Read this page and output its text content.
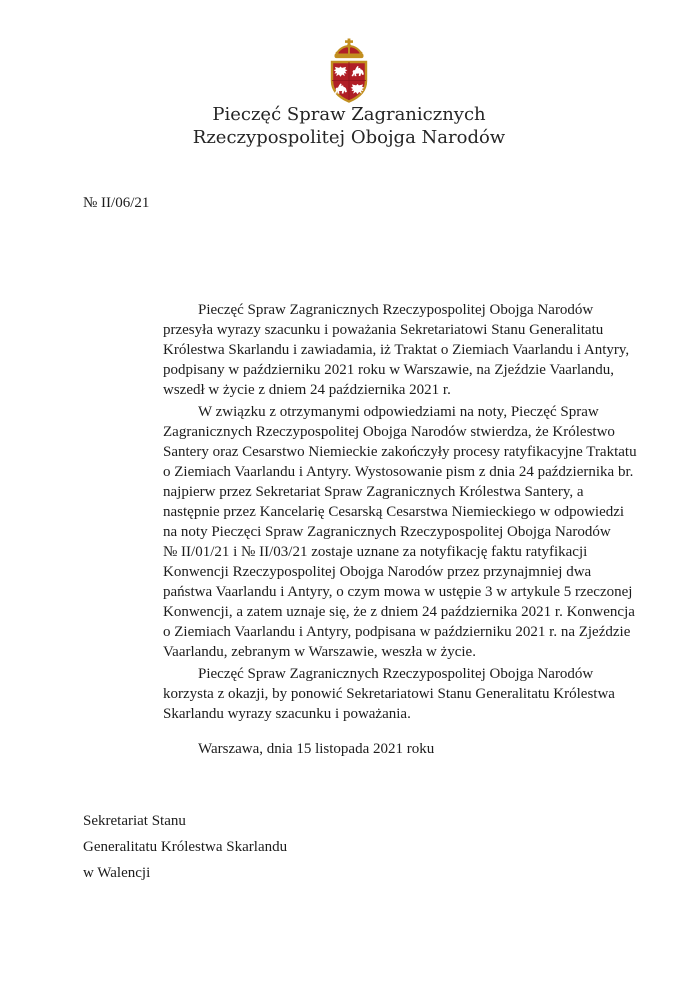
Pieczęć Spraw Zagranicznych
Rzeczypospolitej Obojga Narodów
№ II/06/21
Pieczęć Spraw Zagranicznych Rzeczypospolitej Obojga Narodów
przesyła wyrazy szacunku i poważania Sekretariatowi Stanu Generalitatu
Królestwa Skarlandu i zawiadamia, iż Traktat o Ziemiach Vaarlandu i Antyry,
podpisany w październiku 2021 roku w Warszawie, na Zjeździe Vaarlandu,
wszedł w życie z dniem 24 października 2021 r.
W związku z otrzymanymi odpowiedziami na noty, Pieczęć Spraw
Zagranicznych Rzeczypospolitej Obojga Narodów stwierdza, że Królestwo
Santery oraz Cesarstwo Niemieckie zakończyły procesy ratyfikacyjne Traktatu
o Ziemiach Vaarlandu i Antyry. Wystosowanie pism z dnia 24 października br.
najpierw przez Sekretariat Spraw Zagranicznych Królestwa Santery, a
następnie przez Kancelarię Cesarską Cesarstwa Niemieckiego w odpowiedzi
na noty Pieczęci Spraw Zagranicznych Rzeczypospolitej Obojga Narodów
№ II/01/21 i № II/03/21 zostaje uznane za notyfikację faktu ratyfikacji
Konwencji Rzeczypospolitej Obojga Narodów przez przynajmniej dwa
państwa Vaarlandu i Antyry, o czym mowa w ustępie 3 w artykule 5 rzeczonej
Konwencji, a zatem uznaje się, że z dniem 24 października 2021 r. Konwencja
o Ziemiach Vaarlandu i Antyry, podpisana w październiku 2021 r. na Zjeździe
Vaarlandu, zebranym w Warszawie, weszła w życie.
Pieczęć Spraw Zagranicznych Rzeczypospolitej Obojga Narodów
korzysta z okazji, by ponowić Sekretariatowi Stanu Generalitatu Królestwa
Skarlandu wyrazy szacunku i poważania.
Warszawa, dnia 15 listopada 2021 roku
Sekretariat Stanu
Generalitatu Królestwa Skarlandu
w Walencji
